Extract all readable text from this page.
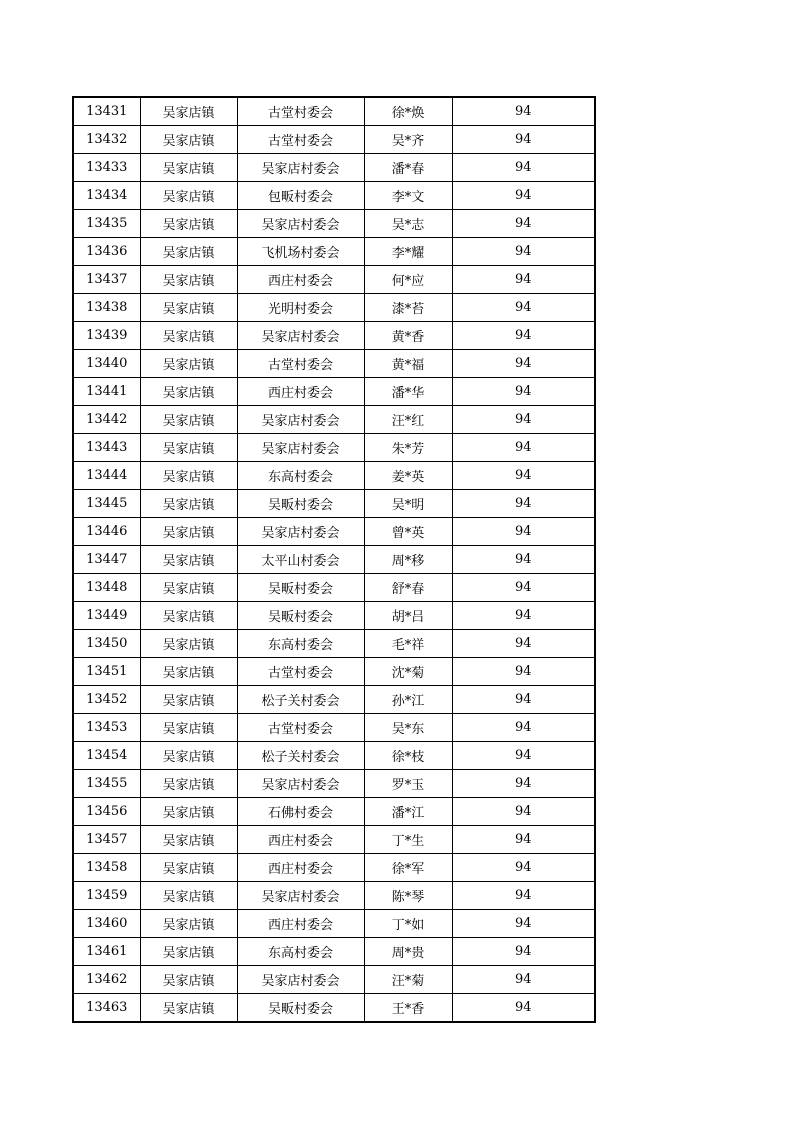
13431	吴家店镇	古堂村委会	徐*焕	94
13432	吴家店镇	古堂村委会	吴*齐	94
13433	吴家店镇	吴家店村委会	潘*春	94
13434	吴家店镇	包畈村委会	李*文	94
13435	吴家店镇	吴家店村委会	吴*志	94
13436	吴家店镇	飞机场村委会	李*耀	94
13437	吴家店镇	西庄村委会	何*应	94
13438	吴家店镇	光明村委会	漆*苔	94
13439	吴家店镇	吴家店村委会	黄*香	94
13440	吴家店镇	古堂村委会	黄*福	94
13441	吴家店镇	西庄村委会	潘*华	94
13442	吴家店镇	吴家店村委会	汪*红	94
13443	吴家店镇	吴家店村委会	朱*芳	94
13444	吴家店镇	东高村委会	姜*英	94
13445	吴家店镇	吴畈村委会	吴*明	94
13446	吴家店镇	吴家店村委会	曾*英	94
13447	吴家店镇	太平山村委会	周*移	94
13448	吴家店镇	吴畈村委会	舒*春	94
13449	吴家店镇	吴畈村委会	胡*吕	94
13450	吴家店镇	东高村委会	毛*祥	94
13451	吴家店镇	古堂村委会	沈*菊	94
13452	吴家店镇	松子关村委会	孙*江	94
13453	吴家店镇	古堂村委会	吴*东	94
13454	吴家店镇	松子关村委会	徐*枝	94
13455	吴家店镇	吴家店村委会	罗*玉	94
13456	吴家店镇	石佛村委会	潘*江	94
13457	吴家店镇	西庄村委会	丁*生	94
13458	吴家店镇	西庄村委会	徐*军	94
13459	吴家店镇	吴家店村委会	陈*琴	94
13460	吴家店镇	西庄村委会	丁*如	94
13461	吴家店镇	东高村委会	周*贵	94
13462	吴家店镇	吴家店村委会	汪*菊	94
13463	吴家店镇	吴畈村委会	王*香	94
